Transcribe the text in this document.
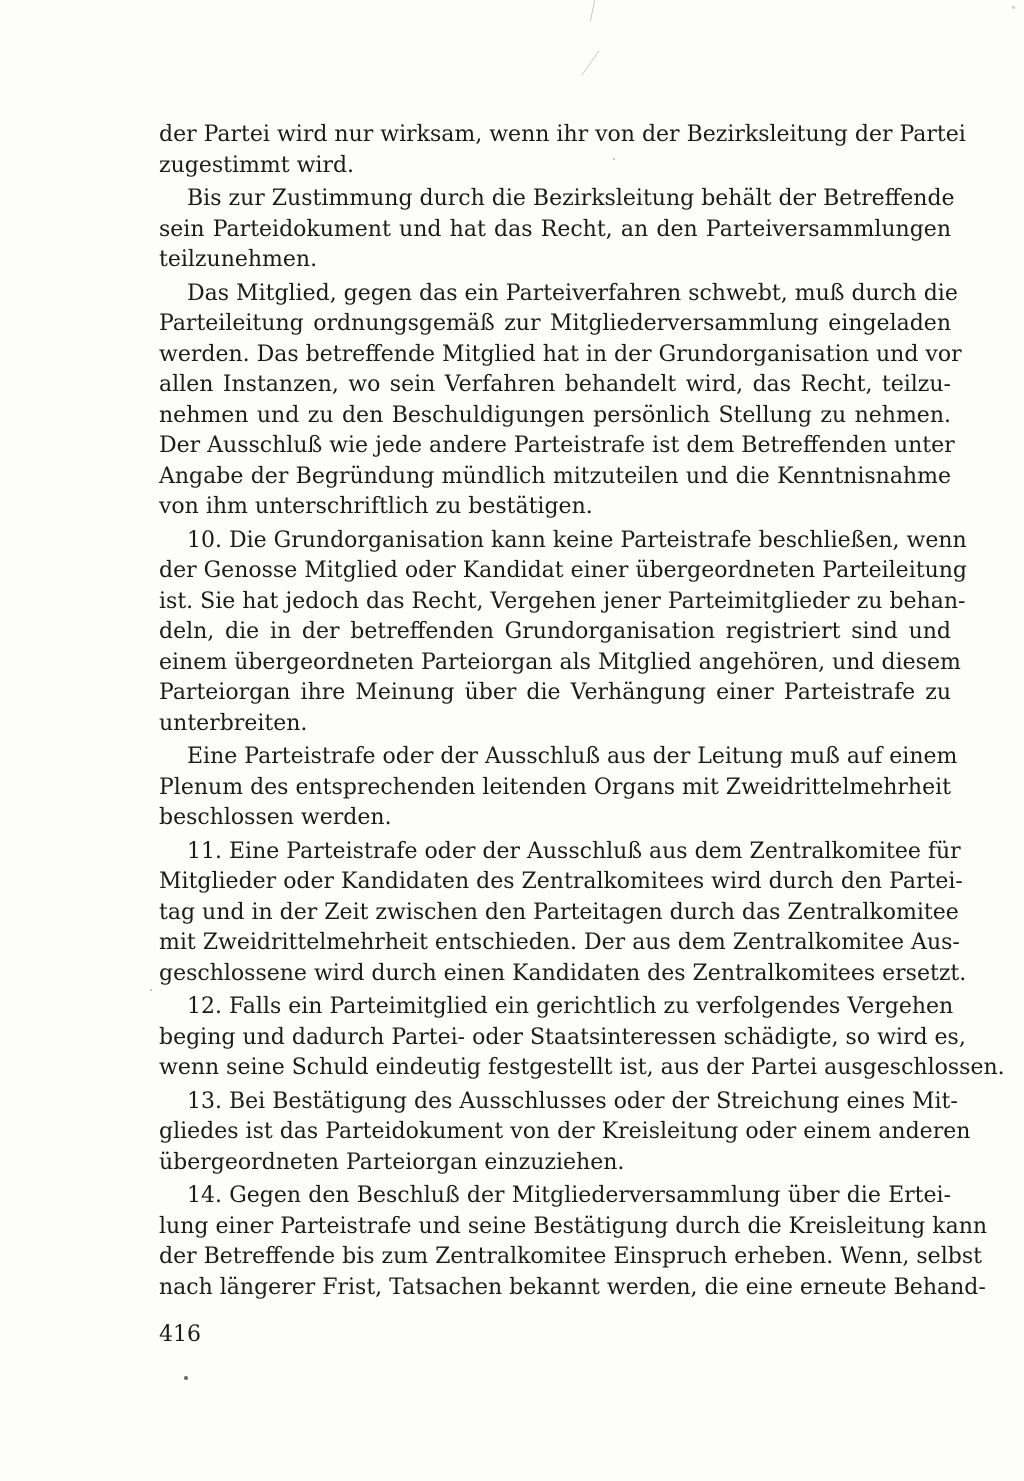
der Partei wird nur wirksam, wenn ihr von der Bezirksleitung der Partei
zugestimmt wird.
Bis zur Zustimmung durch die Bezirksleitung behält der Betreffende
sein Parteidokument und hat das Recht, an den Parteiversammlungen
teilzunehmen.
Das Mitglied, gegen das ein Parteiverfahren schwebt, muß durch die
Parteileitung ordnungsgemäß zur Mitgliederversammlung eingeladen
werden. Das betreffende Mitglied hat in der Grundorganisation und vor
allen Instanzen, wo sein Verfahren behandelt wird, das Recht, teilzu-
nehmen und zu den Beschuldigungen persönlich Stellung zu nehmen.
Der Ausschluß wie jede andere Parteistrafe ist dem Betreffenden unter
Angabe der Begründung mündlich mitzuteilen und die Kenntnisnahme
von ihm unterschriftlich zu bestätigen.
10. Die Grundorganisation kann keine Parteistrafe beschließen, wenn
der Genosse Mitglied oder Kandidat einer übergeordneten Parteileitung
ist. Sie hat jedoch das Recht, Vergehen jener Parteimitglieder zu behan-
deln, die in der betreffenden Grundorganisation registriert sind und
einem übergeordneten Parteiorgan als Mitglied angehören, und diesem
Parteiorgan ihre Meinung über die Verhängung einer Parteistrafe zu
unterbreiten.
Eine Parteistrafe oder der Ausschluß aus der Leitung muß auf einem
Plenum des entsprechenden leitenden Organs mit Zweidrittelmehrheit
beschlossen werden.
11. Eine Parteistrafe oder der Ausschluß aus dem Zentralkomitee für
Mitglieder oder Kandidaten des Zentralkomitees wird durch den Partei-
tag und in der Zeit zwischen den Parteitagen durch das Zentralkomitee
mit Zweidrittelmehrheit entschieden. Der aus dem Zentralkomitee Aus-
geschlossene wird durch einen Kandidaten des Zentralkomitees ersetzt.
12. Falls ein Parteimitglied ein gerichtlich zu verfolgendes Vergehen
beging und dadurch Partei- oder Staatsinteressen schädigte, so wird es,
wenn seine Schuld eindeutig festgestellt ist, aus der Partei ausgeschlossen.
13. Bei Bestätigung des Ausschlusses oder der Streichung eines Mit-
gliedes ist das Parteidokument von der Kreisleitung oder einem anderen
übergeordneten Parteiorgan einzuziehen.
14. Gegen den Beschluß der Mitgliederversammlung über die Ertei-
lung einer Parteistrafe und seine Bestätigung durch die Kreisleitung kann
der Betreffende bis zum Zentralkomitee Einspruch erheben. Wenn, selbst
nach längerer Frist, Tatsachen bekannt werden, die eine erneute Behand-
416
